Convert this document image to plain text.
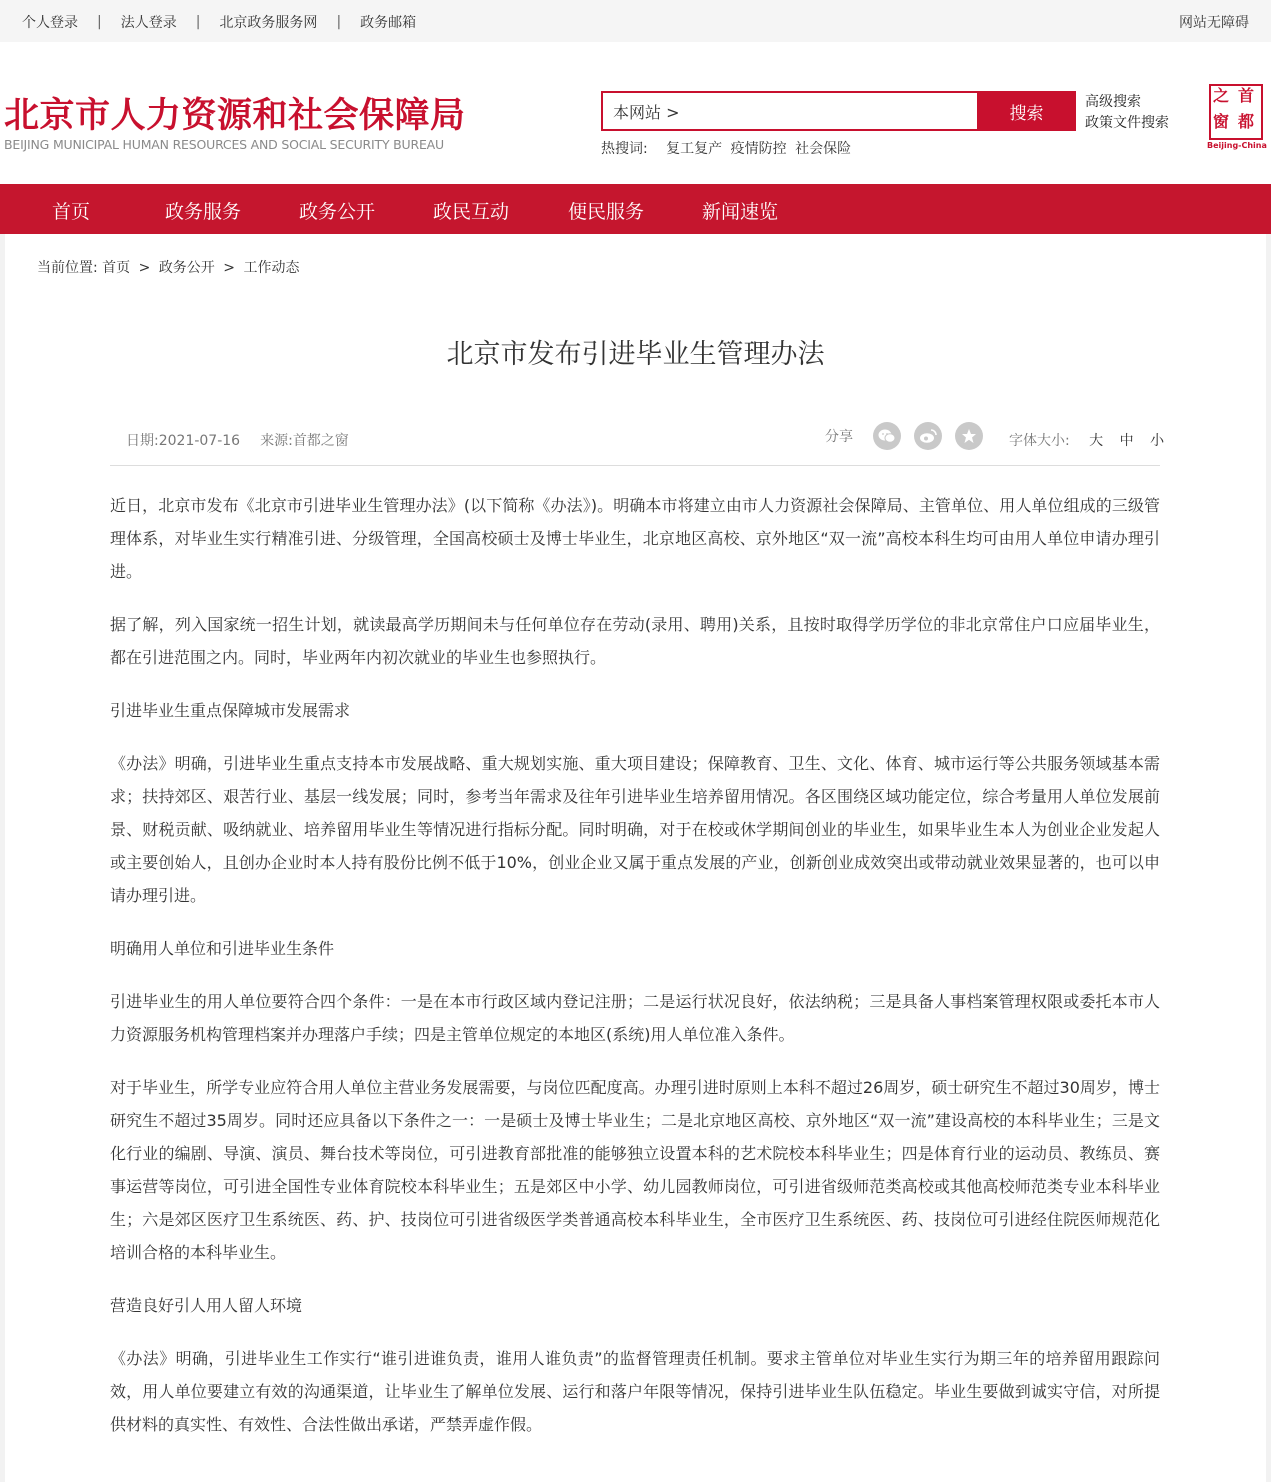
个人登录 | 法人登录 | 北京政务服务网 | 政务邮箱	网站无障碍
北京市人力资源和社会保障局
BEIJING MUNICIPAL HUMAN RESOURCES AND SOCIAL SECURITY BUREAU
本网站 >
搜索
高级搜索
政策文件搜索
热搜词: 复工复产 疫情防控 社会保险
之 首
窗 都
Beijing-China
首页	政务服务	政务公开	政民互动	便民服务	新闻速览
当前位置: 首页 > 政务公开 > 工作动态
北京市发布引进毕业生管理办法
日期:2021-07-16 来源:首都之窗	分享	字体大小: 大 中 小

近日，北京市发布《北京市引进毕业生管理办法》(以下简称《办法》)。明确本市将建立由市人力资源社会保障局、主管单位、用人单位组成的三级管理体系，对毕业生实行精准引进、分级管理，全国高校硕士及博士毕业生，北京地区高校、京外地区“双一流”高校本科生均可由用人单位申请办理引进。

据了解，列入国家统一招生计划，就读最高学历期间未与任何单位存在劳动(录用、聘用)关系，且按时取得学历学位的非北京常住户口应届毕业生，都在引进范围之内。同时，毕业两年内初次就业的毕业生也参照执行。

引进毕业生重点保障城市发展需求

《办法》明确，引进毕业生重点支持本市发展战略、重大规划实施、重大项目建设；保障教育、卫生、文化、体育、城市运行等公共服务领域基本需求；扶持郊区、艰苦行业、基层一线发展；同时，参考当年需求及往年引进毕业生培养留用情况。各区围绕区域功能定位，综合考量用人单位发展前景、财税贡献、吸纳就业、培养留用毕业生等情况进行指标分配。同时明确，对于在校或休学期间创业的毕业生，如果毕业生本人为创业企业发起人或主要创始人，且创办企业时本人持有股份比例不低于10%，创业企业又属于重点发展的产业，创新创业成效突出或带动就业效果显著的，也可以申请办理引进。

明确用人单位和引进毕业生条件

引进毕业生的用人单位要符合四个条件：一是在本市行政区域内登记注册；二是运行状况良好，依法纳税；三是具备人事档案管理权限或委托本市人力资源服务机构管理档案并办理落户手续；四是主管单位规定的本地区(系统)用人单位准入条件。

对于毕业生，所学专业应符合用人单位主营业务发展需要，与岗位匹配度高。办理引进时原则上本科不超过26周岁，硕士研究生不超过30周岁，博士研究生不超过35周岁。同时还应具备以下条件之一：一是硕士及博士毕业生；二是北京地区高校、京外地区“双一流”建设高校的本科毕业生；三是文化行业的编剧、导演、演员、舞台技术等岗位，可引进教育部批准的能够独立设置本科的艺术院校本科毕业生；四是体育行业的运动员、教练员、赛事运营等岗位，可引进全国性专业体育院校本科毕业生；五是郊区中小学、幼儿园教师岗位，可引进省级师范类高校或其他高校师范类专业本科毕业生；六是郊区医疗卫生系统医、药、护、技岗位可引进省级医学类普通高校本科毕业生，全市医疗卫生系统医、药、技岗位可引进经住院医师规范化培训合格的本科毕业生。

营造良好引人用人留人环境

《办法》明确，引进毕业生工作实行“谁引进谁负责，谁用人谁负责”的监督管理责任机制。要求主管单位对毕业生实行为期三年的培养留用跟踪问效，用人单位要建立有效的沟通渠道，让毕业生了解单位发展、运行和落户年限等情况，保持引进毕业生队伍稳定。毕业生要做到诚实守信，对所提供材料的真实性、有效性、合法性做出承诺，严禁弄虚作假。
